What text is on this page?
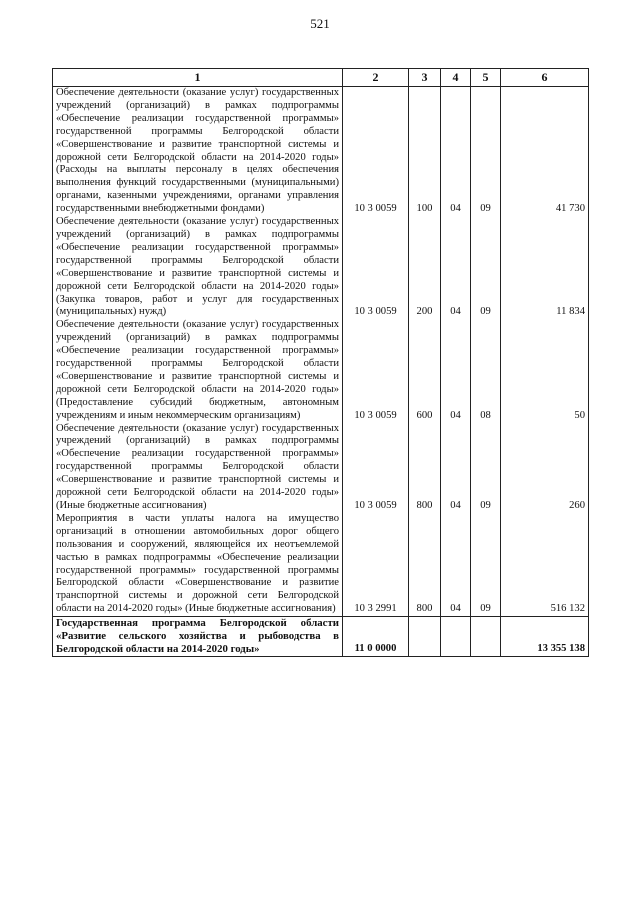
521
1	2	3	4	5	6
Обеспечение деятельности (оказание услуг) государственных учреждений (организаций) в рамках подпрограммы «Обеспечение реализации государственной программы» государственной программы Белгородской области «Совершенствование и развитие транспортной системы и дорожной сети Белгородской области на 2014-2020 годы» (Расходы на выплаты персоналу в целях обеспечения выполнения функций государственными (муниципальными) органами, казенными учреждениями, органами управления государственными внебюджетными фондами)	10 3 0059	100	04	09	41 730
Обеспечение деятельности (оказание услуг) государственных учреждений (организаций) в рамках подпрограммы «Обеспечение реализации государственной программы» государственной программы Белгородской области «Совершенствование и развитие транспортной системы и дорожной сети Белгородской области на 2014-2020 годы» (Закупка товаров, работ и услуг для государственных (муниципальных) нужд)	10 3 0059	200	04	09	11 834
Обеспечение деятельности (оказание услуг) государственных учреждений (организаций) в рамках подпрограммы «Обеспечение реализации государственной программы» государственной программы Белгородской области «Совершенствование и развитие транспортной системы и дорожной сети Белгородской области на 2014-2020 годы» (Предоставление субсидий бюджетным, автономным учреждениям и иным некоммерческим организациям)	10 3 0059	600	04	08	50
Обеспечение деятельности (оказание услуг) государственных учреждений (организаций) в рамках подпрограммы «Обеспечение реализации государственной программы» государственной программы Белгородской области «Совершенствование и развитие транспортной системы и дорожной сети Белгородской области на 2014-2020 годы» (Иные бюджетные ассигнования)	10 3 0059	800	04	09	260
Мероприятия в части уплаты налога на имущество организаций в отношении автомобильных дорог общего пользования и сооружений, являющейся их неотъемлемой частью в рамках подпрограммы «Обеспечение реализации государственной программы» государственной программы Белгородской области «Совершенствование и развитие транспортной системы и дорожной сети Белгородской области на 2014-2020 годы» (Иные бюджетные ассигнования)	10 3 2991	800	04	09	516 132
Государственная программа Белгородской области «Развитие сельского хозяйства и рыбоводства в Белгородской области на 2014-2020 годы»	11 0 0000				13 355 138
